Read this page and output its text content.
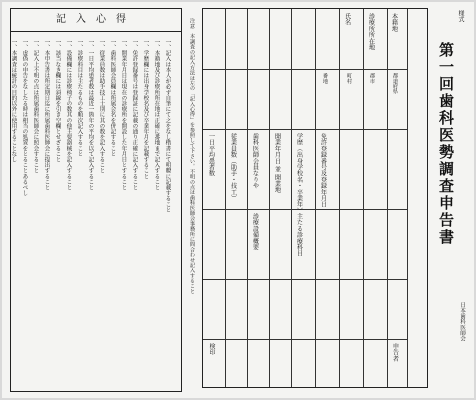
記入心得
一、記入は本人が必ず自筆にて之をなし楷書にて明瞭に記載すること
一、本籍地及び診療所所在地は正確に番地まで記入すること
一、学歴欄には出身学校名及び卒業年月を記載すること
一、免許登録番号は登録証に記載の通り正確に記入すること
一、開業年月日は現在の診療所を開設した年月日とすること
一、歯科医師会員欄は所属会名を併記すること
一、従業員数は助手技工士別に其の数を記入すること
一、一日平均患者数は最近一箇年の平均を以て記入すること
一、診療科目は主たるものを順次記入すること
一、設備欄には診療椅子の数其の他主要器械を記入すること
一、該当なき欄には斜線を引き空欄とせざること
一、本申告書は所定期日迄に所属歯科医師会に提出すること
一、記入上不明の点は所属歯科医師会に照会すること
一、虚偽の申告をなしたる時は相当の処置をとることあるべし
一、本調査は統計の目的以外に使用することなし	注意　本調査の記入方法は左の「記入心得」を参照して下さい。不明の点は歯科医師会事務所に問合わせ記入すること	本籍地
診療所所在地
氏名
都道府県
郡市
町村
番地
免許登録番号及登録年月日
学歴（出身学校名・卒業年）
開業年月日 並 開業地
歯科医師会員なりや
従業員数（助手・技工）
一日平均患者数
主たる診療科目
診療設備概要
検印	申告者
様式
第一回歯科医勢調査申告書
日本歯科医師会
